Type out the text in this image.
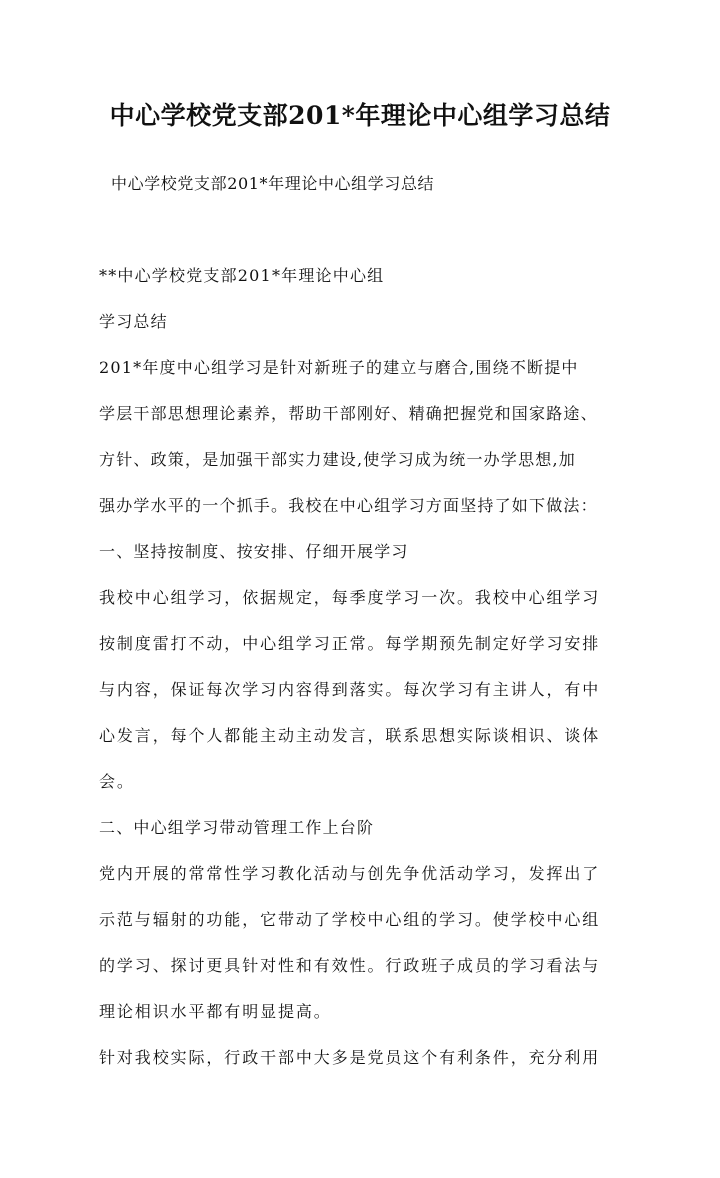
中心学校党支部201*年理论中心组学习总结

中心学校党支部201*年理论中心组学习总结

**中心学校党支部201*年理论中心组

学习总结

201*年度中心组学习是针对新班子的建立与磨合,围绕不断提中

学层干部思想理论素养，帮助干部刚好、精确把握党和国家路途、

方针、政策，是加强干部实力建设,使学习成为统一办学思想,加

强办学水平的一个抓手。我校在中心组学习方面坚持了如下做法：

一、坚持按制度、按安排、仔细开展学习

我校中心组学习，依据规定，每季度学习一次。我校中心组学习

按制度雷打不动，中心组学习正常。每学期预先制定好学习安排

与内容，保证每次学习内容得到落实。每次学习有主讲人，有中

心发言，每个人都能主动主动发言，联系思想实际谈相识、谈体

会。

二、中心组学习带动管理工作上台阶

党内开展的常常性学习教化活动与创先争优活动学习，发挥出了

示范与辐射的功能，它带动了学校中心组的学习。使学校中心组

的学习、探讨更具针对性和有效性。行政班子成员的学习看法与

理论相识水平都有明显提高。

针对我校实际，行政干部中大多是党员这个有利条件，充分利用
